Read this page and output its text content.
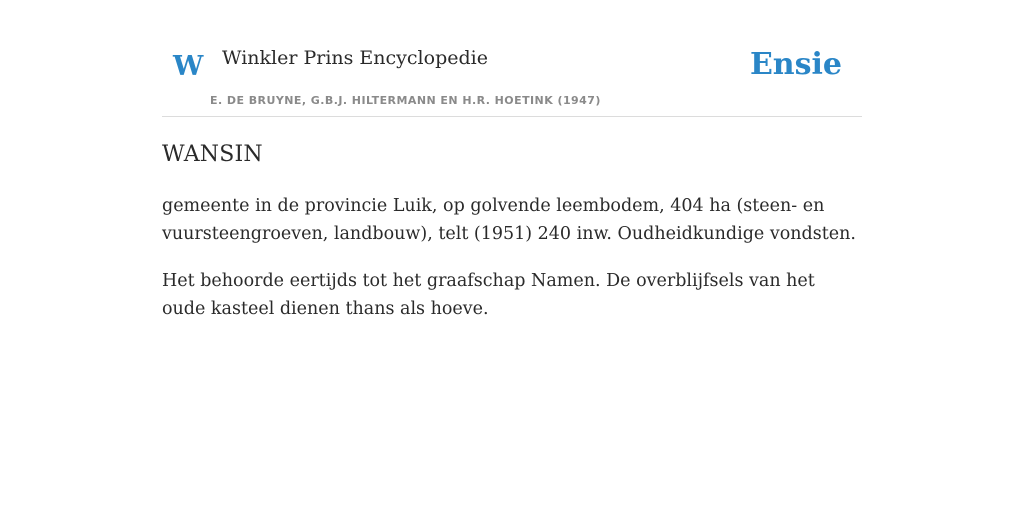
W Winkler Prins Encyclopedie
E. DE BRUYNE, G.B.J. HILTERMANN EN H.R. HOETINK (1947)
Ensie
WANSIN

gemeente in de provincie Luik, op golvende leembodem, 404 ha (steen- en vuursteengroeven, landbouw), telt (1951) 240 inw. Oudheidkundige vondsten.

Het behoorde eertijds tot het graafschap Namen. De overblijfsels van het oude kasteel dienen thans als hoeve.
